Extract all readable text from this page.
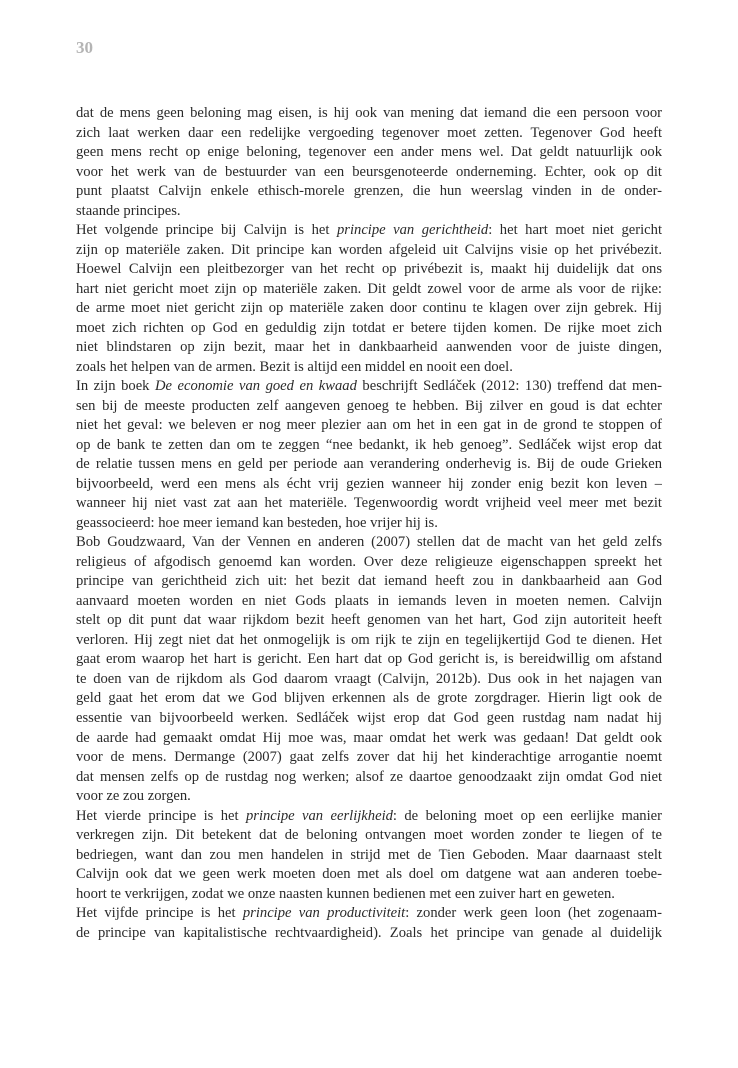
30
dat de mens geen beloning mag eisen, is hij ook van mening dat iemand die een persoon voor
zich laat werken daar een redelijke vergoeding tegenover moet zetten. Tegenover God heeft
geen mens recht op enige beloning, tegenover een ander mens wel. Dat geldt natuurlijk ook
voor het werk van de bestuurder van een beursgenoteerde onderneming. Echter, ook op dit
punt plaatst Calvijn enkele ethisch-morele grenzen, die hun weerslag vinden in de onder-
staande principes.
Het volgende principe bij Calvijn is het principe van gerichtheid: het hart moet niet gericht
zijn op materiële zaken. Dit principe kan worden afgeleid uit Calvijns visie op het privébezit.
Hoewel Calvijn een pleitbezorger van het recht op privébezit is, maakt hij duidelijk dat ons
hart niet gericht moet zijn op materiële zaken. Dit geldt zowel voor de arme als voor de rijke:
de arme moet niet gericht zijn op materiële zaken door continu te klagen over zijn gebrek. Hij
moet zich richten op God en geduldig zijn totdat er betere tijden komen. De rijke moet zich
niet blindstaren op zijn bezit, maar het in dankbaarheid aanwenden voor de juiste dingen,
zoals het helpen van de armen. Bezit is altijd een middel en nooit een doel.
In zijn boek De economie van goed en kwaad beschrijft Sedláček (2012: 130) treffend dat men-
sen bij de meeste producten zelf aangeven genoeg te hebben. Bij zilver en goud is dat echter
niet het geval: we beleven er nog meer plezier aan om het in een gat in de grond te stoppen of
op de bank te zetten dan om te zeggen “nee bedankt, ik heb genoeg”. Sedláček wijst erop dat
de relatie tussen mens en geld per periode aan verandering onderhevig is. Bij de oude Grieken
bijvoorbeeld, werd een mens als écht vrij gezien wanneer hij zonder enig bezit kon leven –
wanneer hij niet vast zat aan het materiële. Tegenwoordig wordt vrijheid veel meer met bezit
geassocieerd: hoe meer iemand kan besteden, hoe vrijer hij is.
Bob Goudzwaard, Van der Vennen en anderen (2007) stellen dat de macht van het geld zelfs
religieus of afgodisch genoemd kan worden. Over deze religieuze eigenschappen spreekt het
principe van gerichtheid zich uit: het bezit dat iemand heeft zou in dankbaarheid aan God
aanvaard moeten worden en niet Gods plaats in iemands leven in moeten nemen. Calvijn
stelt op dit punt dat waar rijkdom bezit heeft genomen van het hart, God zijn autoriteit heeft
verloren. Hij zegt niet dat het onmogelijk is om rijk te zijn en tegelijkertijd God te dienen. Het
gaat erom waarop het hart is gericht. Een hart dat op God gericht is, is bereidwillig om afstand
te doen van de rijkdom als God daarom vraagt (Calvijn, 2012b). Dus ook in het najagen van
geld gaat het erom dat we God blijven erkennen als de grote zorgdrager. Hierin ligt ook de
essentie van bijvoorbeeld werken. Sedláček wijst erop dat God geen rustdag nam nadat hij
de aarde had gemaakt omdat Hij moe was, maar omdat het werk was gedaan! Dat geldt ook
voor de mens. Dermange (2007) gaat zelfs zover dat hij het kinderachtige arrogantie noemt
dat mensen zelfs op de rustdag nog werken; alsof ze daartoe genoodzaakt zijn omdat God niet
voor ze zou zorgen.
Het vierde principe is het principe van eerlijkheid: de beloning moet op een eerlijke manier
verkregen zijn. Dit betekent dat de beloning ontvangen moet worden zonder te liegen of te
bedriegen, want dan zou men handelen in strijd met de Tien Geboden. Maar daarnaast stelt
Calvijn ook dat we geen werk moeten doen met als doel om datgene wat aan anderen toebe-
hoort te verkrijgen, zodat we onze naasten kunnen bedienen met een zuiver hart en geweten.
Het vijfde principe is het principe van productiviteit: zonder werk geen loon (het zogenaam-
de principe van kapitalistische rechtvaardigheid). Zoals het principe van genade al duidelijk
